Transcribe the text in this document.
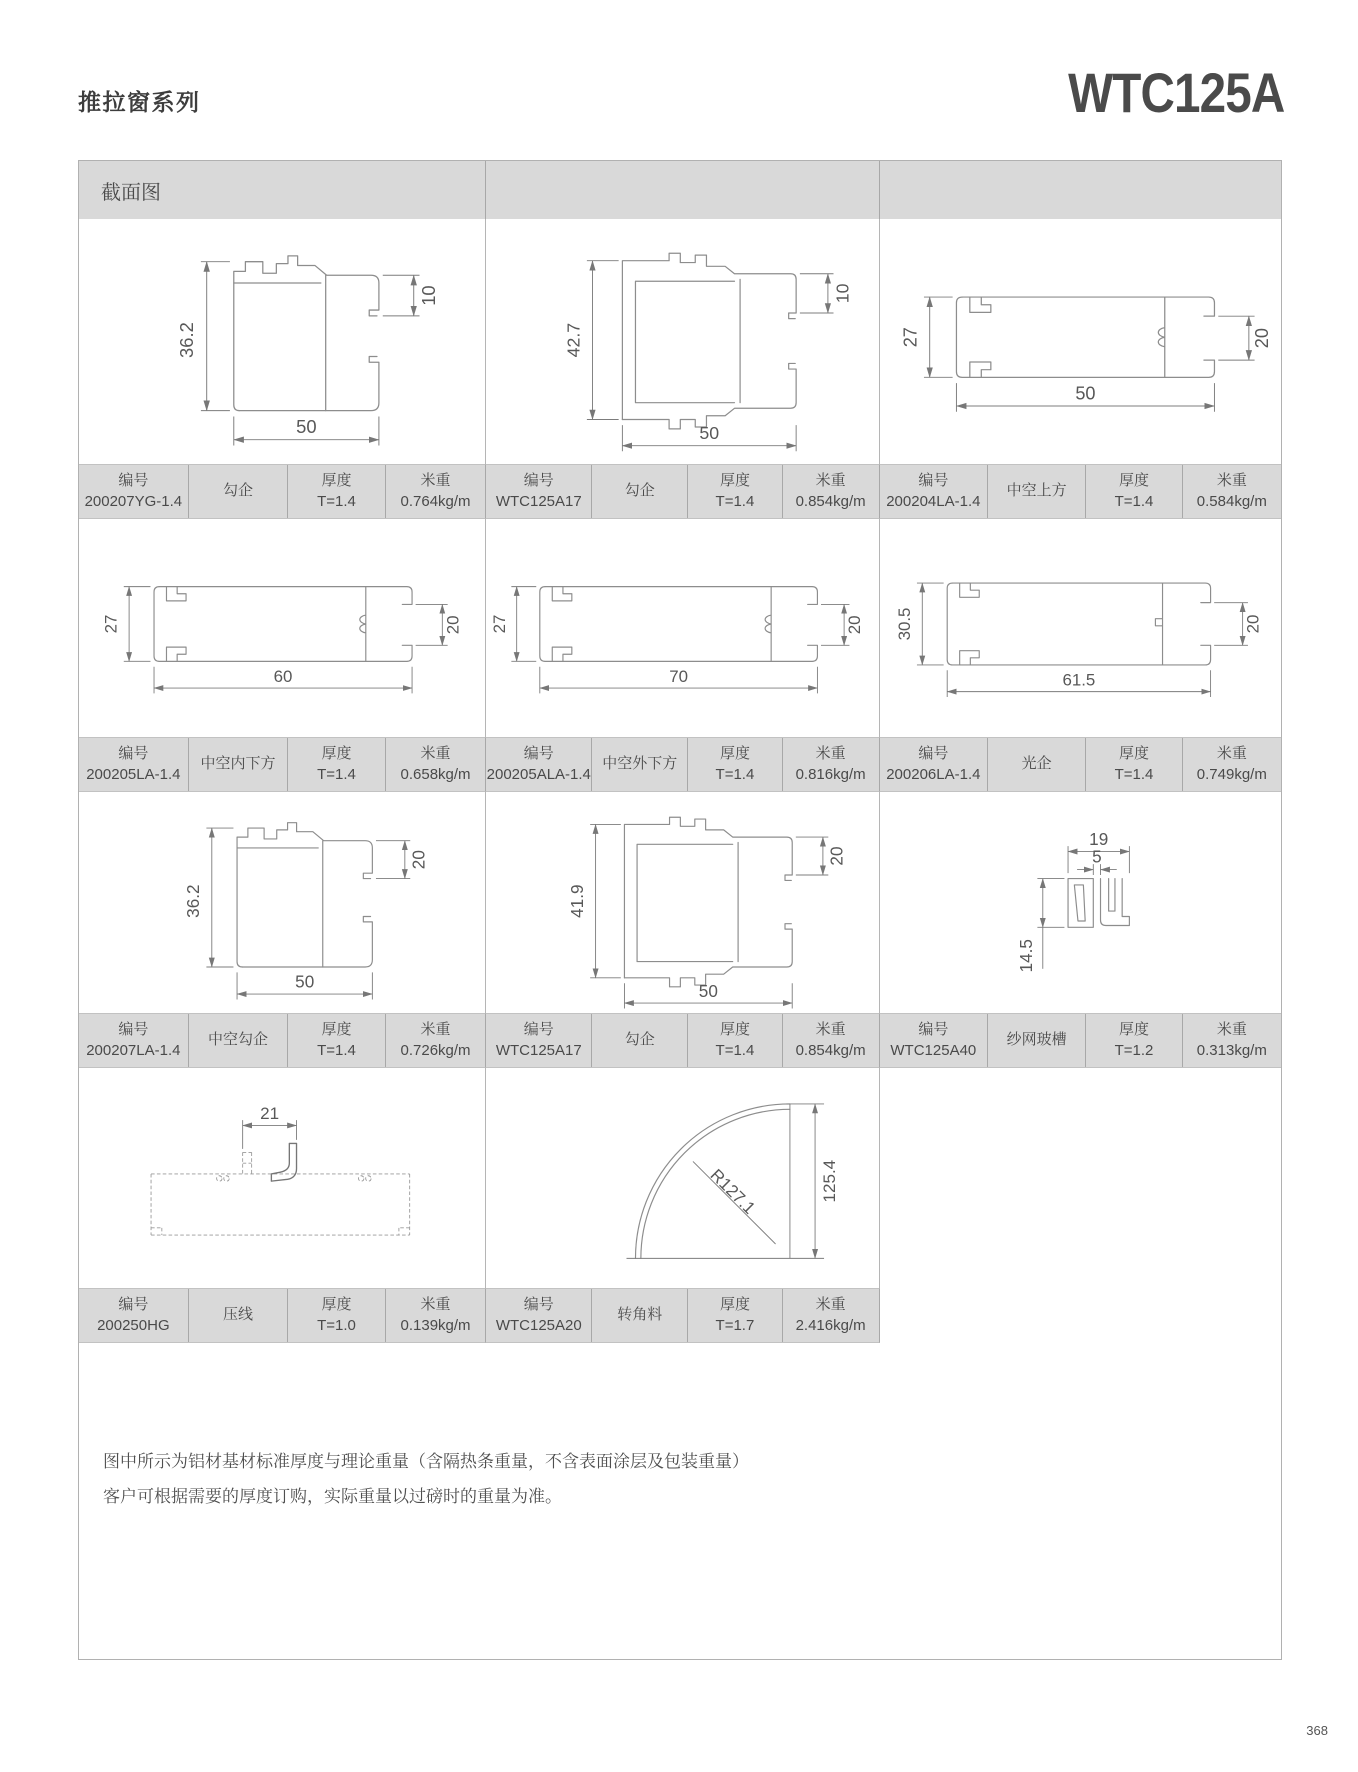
推拉窗系列	WTC125A
截面图
36.2
50
10
42.7
50
10
27
50
20
编号
200207YG-1.4
勾企
厚度
T=1.4
米重
0.764kg/m
编号
WTC125A17
勾企
厚度
T=1.4
米重
0.854kg/m
编号
200204LA-1.4
中空上方
厚度
T=1.4
米重
0.584kg/m
27
60
20 27
70
20 30.5
61.5
20
编号
200205LA-1.4
中空内下方
厚度
T=1.4
米重
0.658kg/m
编号
200205ALA-1.4
中空外下方
厚度
T=1.4
米重
0.816kg/m
编号
200206LA-1.4
光企
厚度
T=1.4
米重
0.749kg/m
36.2
50
20
41.9
50
20
19
5
14.5
编号
200207LA-1.4
中空勾企
厚度
T=1.4
米重
0.726kg/m
编号
WTC125A17
勾企
厚度
T=1.4
米重
0.854kg/m
编号
WTC125A40
纱网玻槽
厚度
T=1.2
米重
0.313kg/m
21
125.4
R127.1
编号
200250HG
压线
厚度
T=1.0
米重
0.139kg/m
编号
WTC125A20
转角料
厚度
T=1.7
米重
2.416kg/m

图中所示为铝材基材标准厚度与理论重量（含隔热条重量，不含表面涂层及包装重量）

客户可根据需要的厚度订购，实际重量以过磅时的重量为准。

368
